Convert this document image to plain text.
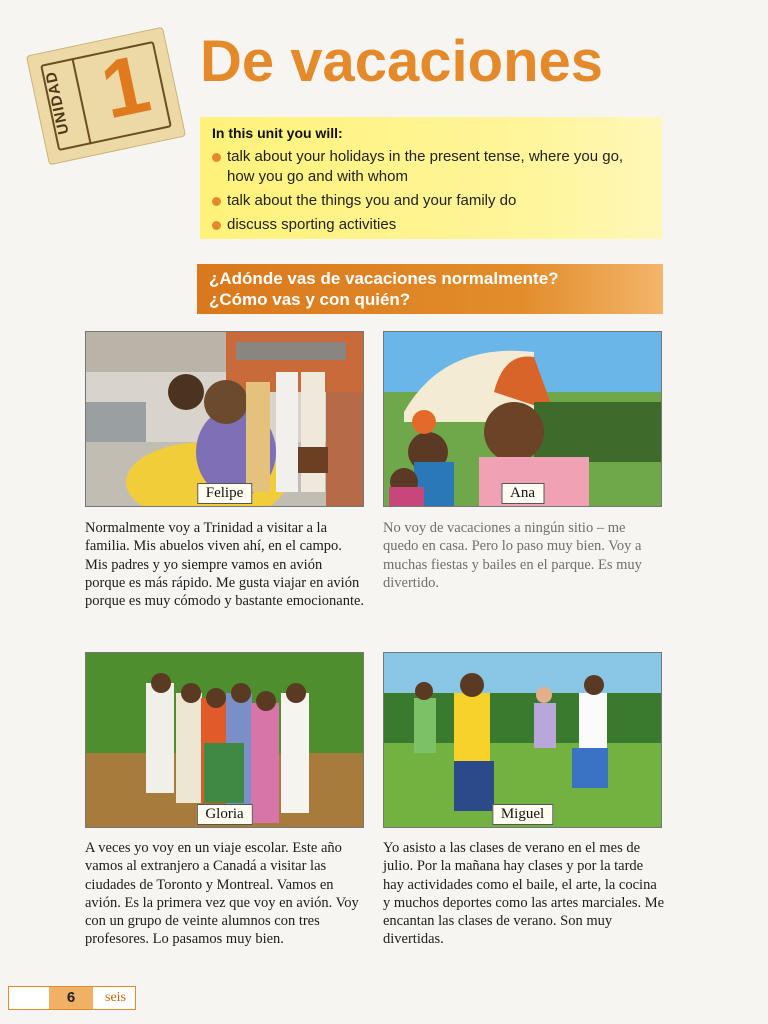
UNIDAD 1 De vacaciones
In this unit you will:
talk about your holidays in the present tense, where you go, how you go and with whom
talk about the things you and your family do
discuss sporting activities
¿Adónde vas de vacaciones normalmente?
¿Cómo vas y con quién?
Felipe	Ana
Normalmente voy a Trinidad a visitar a la familia. Mis abuelos viven ahí, en el campo. Mis padres y yo siempre vamos en avión porque es más rápido. Me gusta viajar en avión porque es muy cómodo y bastante emocionante.
No voy de vacaciones a ningún sitio – me quedo en casa. Pero lo paso muy bien. Voy a muchas fiestas y bailes en el parque. Es muy divertido.
Gloria	Miguel
A veces yo voy en un viaje escolar. Este año vamos al extranjero a Canadá a visitar las ciudades de Toronto y Montreal. Vamos en avión. Es la primera vez que voy en avión. Voy con un grupo de veinte alumnos con tres profesores. Lo pasamos muy bien.
Yo asisto a las clases de verano en el mes de julio. Por la mañana hay clases y por la tarde hay actividades como el baile, el arte, la cocina y muchos deportes como las artes marciales. Me encantan las clases de verano. Son muy divertidas.
6	seis
